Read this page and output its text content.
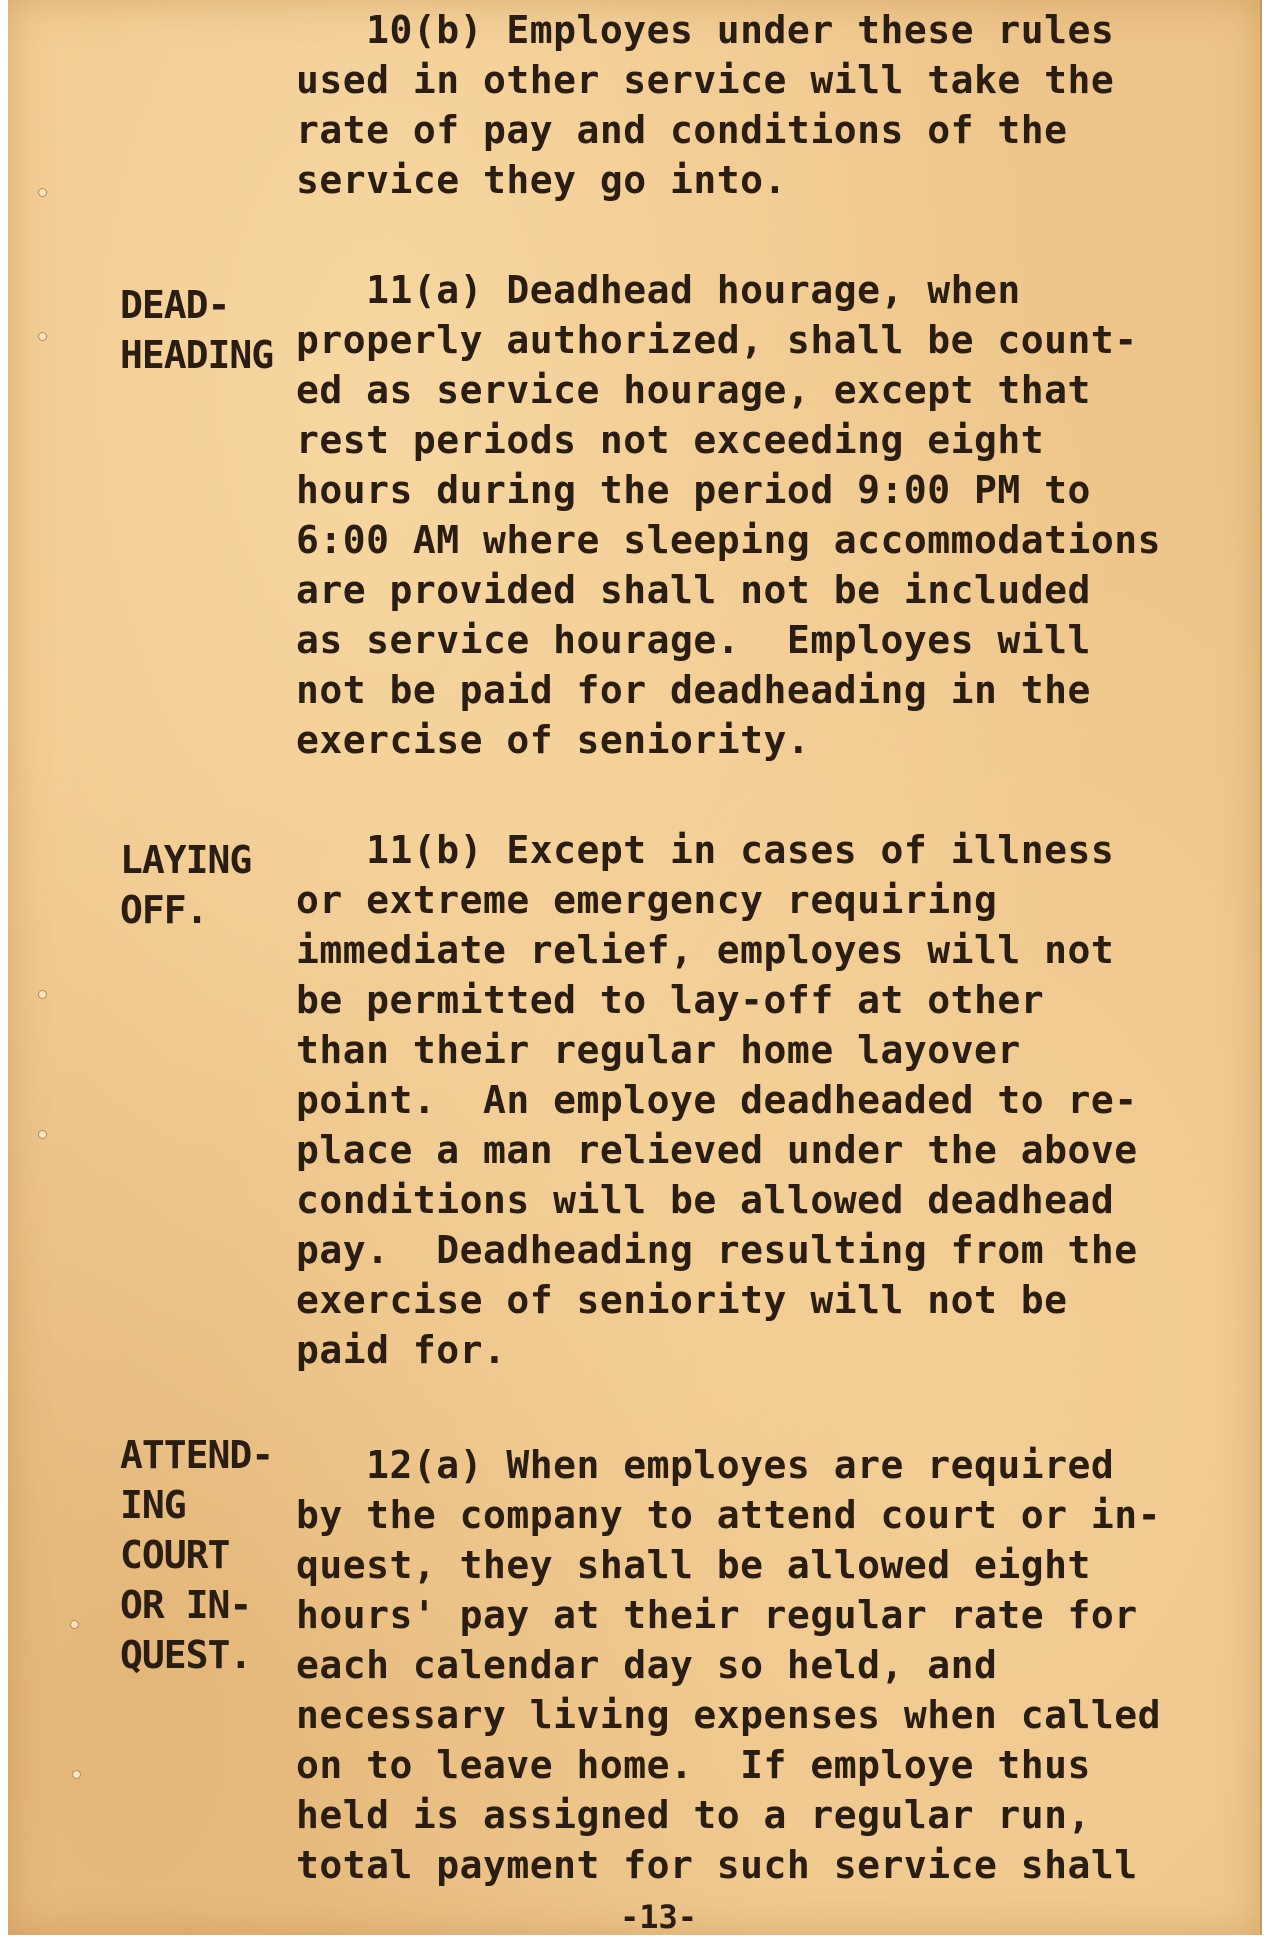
10(b) Employes under these rules
used in other service will take the
rate of pay and conditions of the
service they go into.
DEAD-
HEADING
11(a) Deadhead hourage, when
properly authorized, shall be count-
ed as service hourage, except that
rest periods not exceeding eight
hours during the period 9:00 PM to
6:00 AM where sleeping accommodations
are provided shall not be included
as service hourage.  Employes will
not be paid for deadheading in the
exercise of seniority.
LAYING
OFF.
11(b) Except in cases of illness
or extreme emergency requiring
immediate relief, employes will not
be permitted to lay-off at other
than their regular home layover
point.  An employe deadheaded to re-
place a man relieved under the above
conditions will be allowed deadhead
pay.  Deadheading resulting from the
exercise of seniority will not be
paid for.
ATTEND-
ING
COURT
OR IN-
QUEST.
12(a) When employes are required
by the company to attend court or in-
quest, they shall be allowed eight
hours' pay at their regular rate for
each calendar day so held, and
necessary living expenses when called
on to leave home.  If employe thus
held is assigned to a regular run,
total payment for such service shall
-13-
